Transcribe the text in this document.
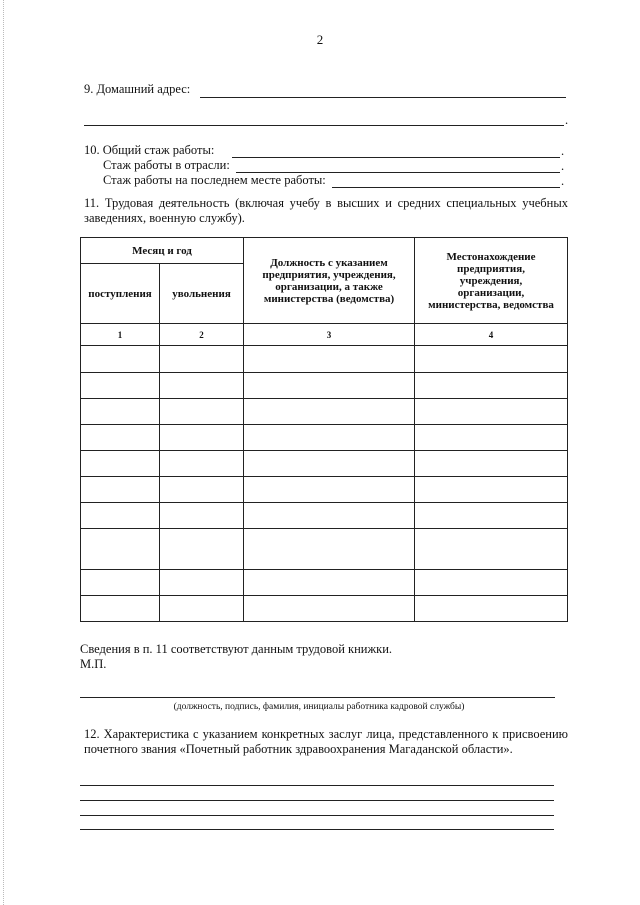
2
9. Домашний адрес:
.
10. Общий стаж работы:	.
Стаж работы в отрасли:	.
Стаж работы на последнем месте работы:	.
11. Трудовая деятельность (включая учебу в высших и средних специальных учебных заведениях, военную службу).
Месяц и год		Должность с указанием предприятия, учреждения, организации, а также министерства (ведомства)	Местонахождение предприятия, учреждения, организации, министерства, ведомства
поступления	увольнения		
1	2	3	4

Сведения в п. 11 соответствуют данным трудовой книжки.
М.П.
(должность, подпись, фамилия, инициалы работника кадровой службы)
12. Характеристика с указанием конкретных заслуг лица, представленного к присвоению почетного звания «Почетный работник здравоохранения Магаданской области».
